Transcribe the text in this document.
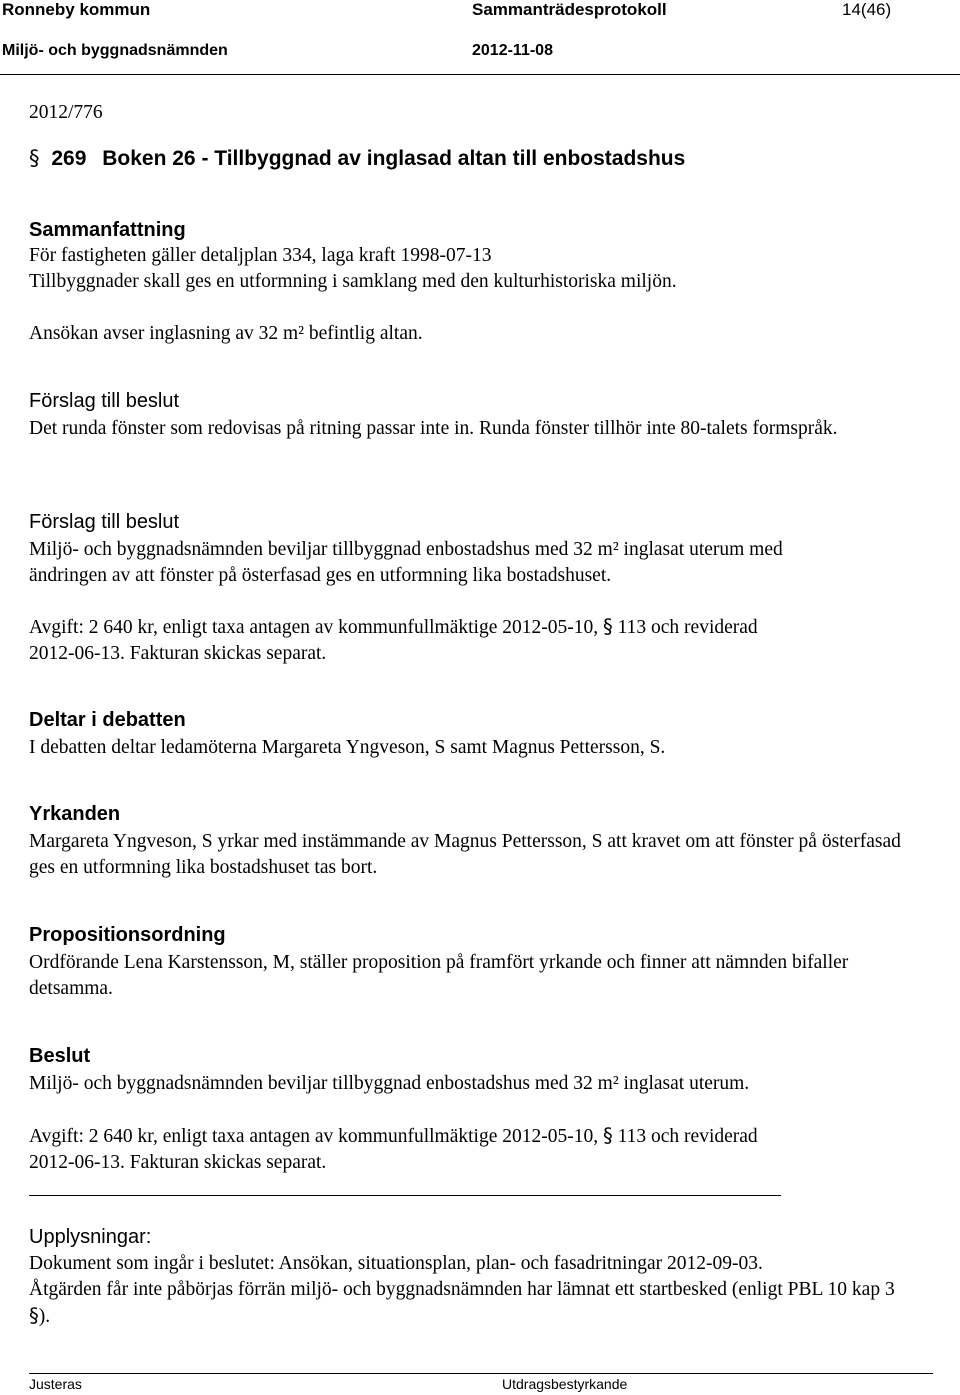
Ronneby kommun	Sammanträdesprotokoll	14(46)
Miljö- och byggnadsnämnden	2012-11-08
2012/776
§ 269 Boken 26 - Tillbyggnad av inglasad altan till enbostadshus
Sammanfattning
För fastigheten gäller detaljplan 334, laga kraft 1998-07-13
Tillbyggnader skall ges en utformning i samklang med den kulturhistoriska miljön.
Ansökan avser inglasning av 32 m² befintlig altan.
Förslag till beslut
Det runda fönster som redovisas på ritning passar inte in. Runda fönster tillhör inte 80-talets formspråk.
Förslag till beslut
Miljö- och byggnadsnämnden beviljar tillbyggnad enbostadshus med 32 m² inglasat uterum med ändringen av att fönster på österfasad ges en utformning lika bostadshuset.
Avgift: 2 640 kr, enligt taxa antagen av kommunfullmäktige 2012-05-10, § 113 och reviderad 2012-06-13. Fakturan skickas separat.
Deltar i debatten
I debatten deltar ledamöterna Margareta Yngveson, S samt Magnus Pettersson, S.
Yrkanden
Margareta Yngveson, S yrkar med instämmande av Magnus Pettersson, S att kravet om att fönster på österfasad ges en utformning lika bostadshuset tas bort.
Propositionsordning
Ordförande Lena Karstensson, M, ställer proposition på framfört yrkande och finner att nämnden bifaller detsamma.
Beslut
Miljö- och byggnadsnämnden beviljar tillbyggnad enbostadshus med 32 m² inglasat uterum.
Avgift: 2 640 kr, enligt taxa antagen av kommunfullmäktige 2012-05-10, § 113 och reviderad 2012-06-13. Fakturan skickas separat.
Upplysningar:
Dokument som ingår i beslutet: Ansökan, situationsplan, plan- och fasadritningar 2012-09-03.
Åtgärden får inte påbörjas förrän miljö- och byggnadsnämnden har lämnat ett startbesked (enligt PBL 10 kap 3 §).
Justeras	Utdragsbestyrkande
